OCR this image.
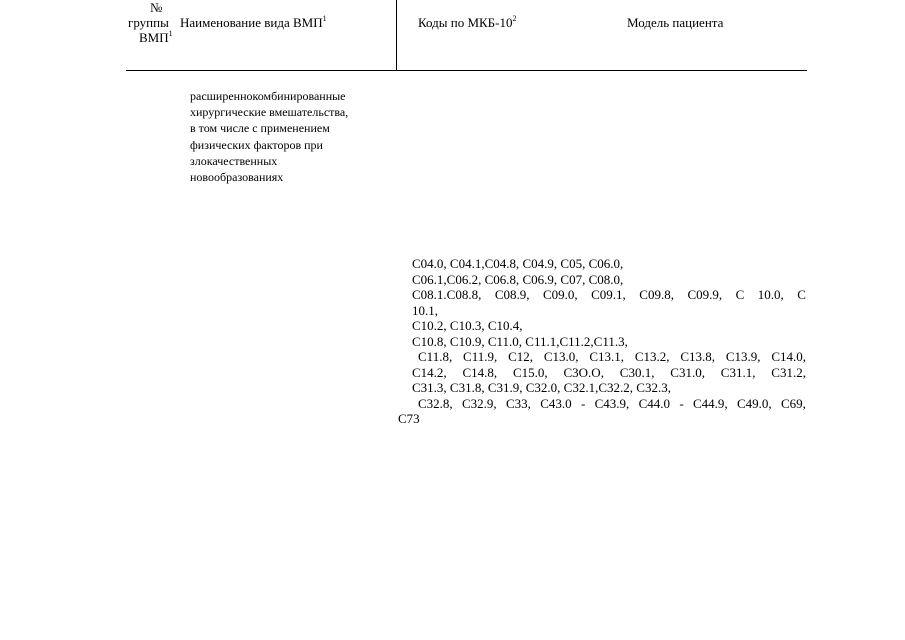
№
группы Наименование вида ВМП$^1$
ВМП$^1$
Коды по МКБ-$10^2$	Модель пациента
расширеннокомбинированные
хирургические вмешательства,
в том числе с применением
физических факторов при
злокачественных
новообразованиях
C04.0, C04.1,C04.8, C04.9, C05, C06.0,
C06.1,C06.2, C06.8, C06.9, C07, C08.0,
C08.1.C08.8, C08.9, C09.0, C09.1, C09.8, C09.9, C 10.0, C
10.1,
C10.2, C10.3, C10.4,
C10.8, C10.9, C11.0, C11.1,C11.2,C11.3,
C11.8, C11.9, C12, C13.0, C13.1, C13.2, C13.8, C13.9, C14.0,
C14.2, C14.8, C15.0, C3O.O, C30.1, C31.0, C31.1, C31.2,
C31.3, C31.8, C31.9, C32.0, C32.1,C32.2, C32.3,
C32.8, C32.9, C33, C43.0 - C43.9, C44.0 - C44.9, C49.0, C69,
C73
